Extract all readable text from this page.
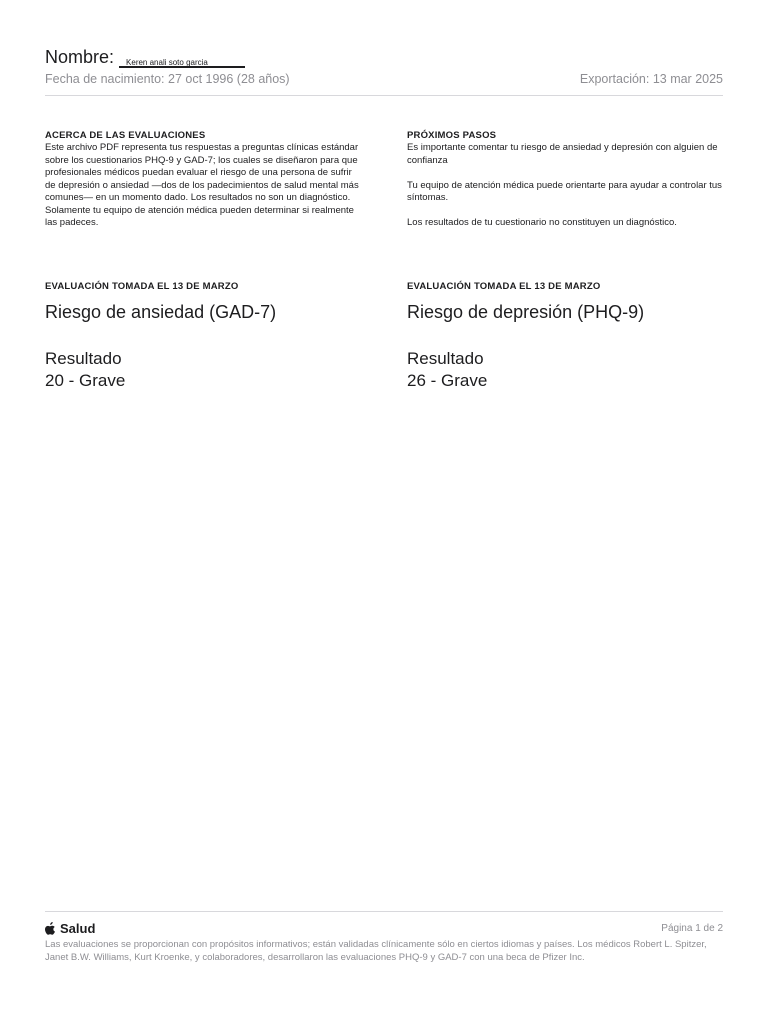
Nombre: Keren anali soto garcia
Fecha de nacimiento: 27 oct 1996 (28 años)	Exportación: 13 mar 2025
ACERCA DE LAS EVALUACIONES

Este archivo PDF representa tus respuestas a preguntas clínicas estándar sobre los cuestionarios PHQ-9 y GAD-7; los cuales se diseñaron para que profesionales médicos puedan evaluar el riesgo de una persona de sufrir de depresión o ansiedad —dos de los padecimientos de salud mental más comunes— en un momento dado. Los resultados no son un diagnóstico. Solamente tu equipo de atención médica pueden determinar si realmente las padeces.

PRÓXIMOS PASOS

Es importante comentar tu riesgo de ansiedad y depresión con alguien de confianza

Tu equipo de atención médica puede orientarte para ayudar a controlar tus síntomas.

Los resultados de tu cuestionario no constituyen un diagnóstico.

EVALUACIÓN TOMADA EL 13 DE MARZO
Riesgo de ansiedad (GAD-7)
Resultado
20 - Grave
EVALUACIÓN TOMADA EL 13 DE MARZO
Riesgo de depresión (PHQ-9)
Resultado
26 - Grave
Salud	Página 1 de 2
Las evaluaciones se proporcionan con propósitos informativos; están validadas clínicamente sólo en ciertos idiomas y países. Los médicos Robert L. Spitzer, Janet B.W. Williams, Kurt Kroenke, y colaboradores, desarrollaron las evaluaciones PHQ-9 y GAD-7 con una beca de Pfizer Inc.
